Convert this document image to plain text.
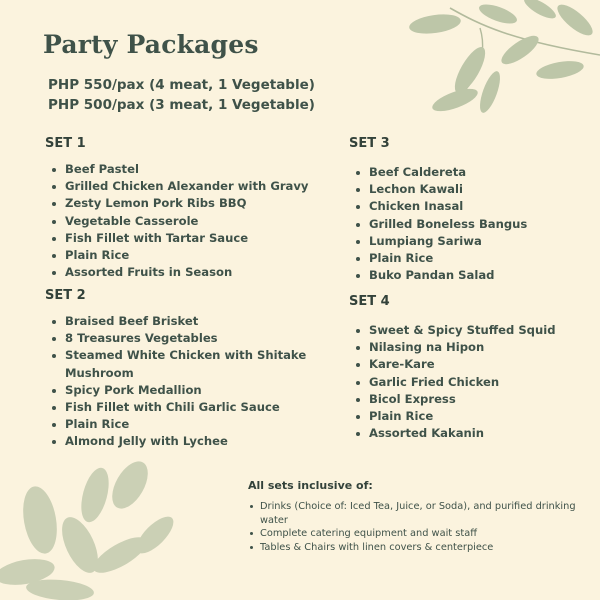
Party Packages
PHP 550/pax (4 meat, 1 Vegetable)
PHP 500/pax (3 meat, 1 Vegetable)
SET 1
Beef Pastel
Grilled Chicken Alexander with Gravy
Zesty Lemon Pork Ribs BBQ
Vegetable Casserole
Fish Fillet with Tartar Sauce
Plain Rice
Assorted Fruits in Season
SET 2
Braised Beef Brisket
8 Treasures Vegetables
Steamed White Chicken with Shitake Mushroom
Spicy Pork Medallion
Fish Fillet with Chili Garlic Sauce
Plain Rice
Almond Jelly with Lychee
SET 3
Beef Caldereta
Lechon Kawali
Chicken Inasal
Grilled Boneless Bangus
Lumpiang Sariwa
Plain Rice
Buko Pandan Salad
SET 4
Sweet & Spicy Stuffed Squid
Nilasing na Hipon
Kare-Kare
Garlic Fried Chicken
Bicol Express
Plain Rice
Assorted Kakanin
All sets inclusive of:
Drinks (Choice of: Iced Tea, Juice, or Soda), and purified drinking water
Complete catering equipment and wait staff
Tables & Chairs with linen covers & centerpiece
